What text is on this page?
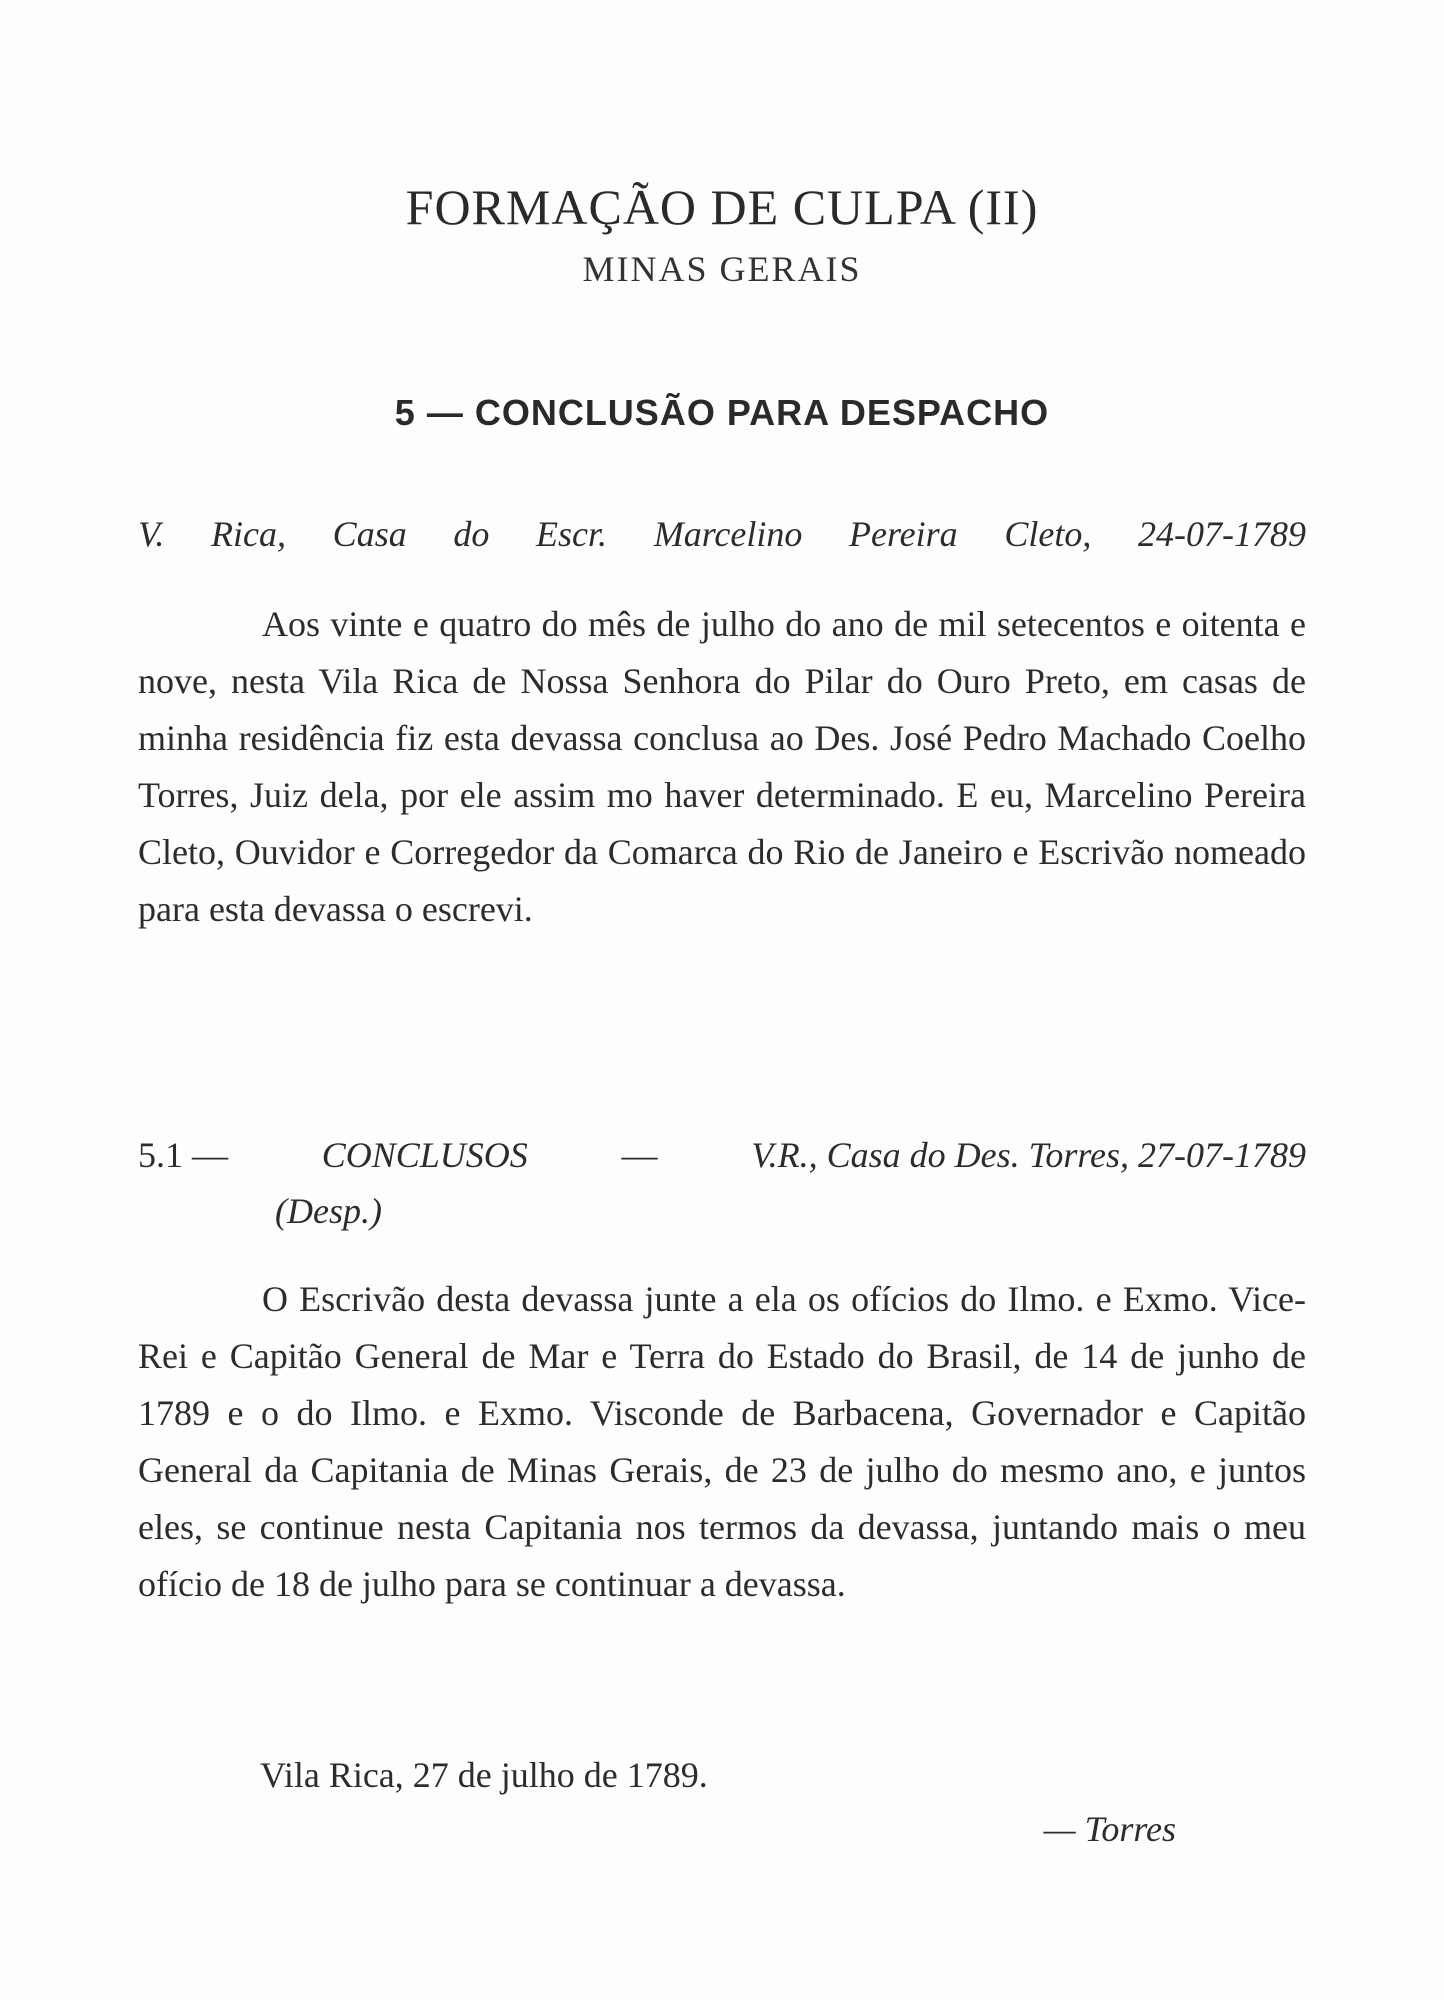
FORMAÇÃO DE CULPA (II)
MINAS GERAIS
5 — CONCLUSÃO PARA DESPACHO
V. Rica, Casa do Escr. Marcelino Pereira Cleto, 24-07-1789

Aos vinte e quatro do mês de julho do ano de mil setecentos e oitenta e nove, nesta Vila Rica de Nossa Senhora do Pilar do Ouro Preto, em casas de minha residência fiz esta devassa conclusa ao Des. José Pedro Machado Coelho Torres, Juiz dela, por ele assim mo haver determinado. E eu, Marcelino Pereira Cleto, Ouvidor e Corregedor da Comarca do Rio de Janeiro e Escrivão nomeado para esta devassa o escrevi.

5.1 —	CONCLUSOS	—	V.R., Casa do Des. Torres, 27-07-1789
(Desp.)

O Escrivão desta devassa junte a ela os ofícios do Ilmo. e Exmo. Vice-Rei e Capitão General de Mar e Terra do Estado do Brasil, de 14 de junho de 1789 e o do Ilmo. e Exmo. Visconde de Barbacena, Governador e Capitão General da Capitania de Minas Gerais, de 23 de julho do mesmo ano, e juntos eles, se continue nesta Capitania nos termos da devassa, juntando mais o meu ofício de 18 de julho para se continuar a devassa.

Vila Rica, 27 de julho de 1789.
— Torres
